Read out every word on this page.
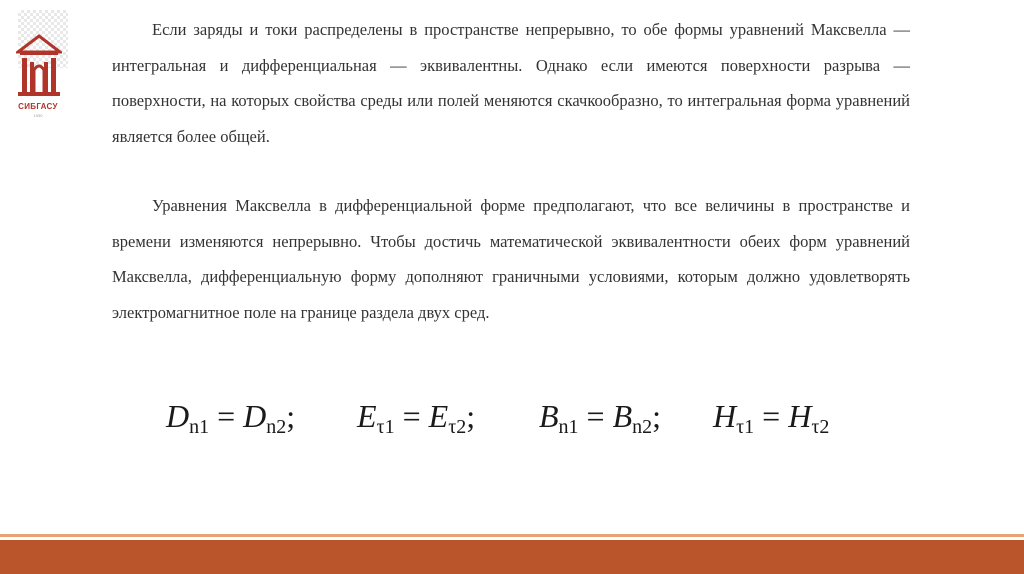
СИБГАСУ
1930

Если заряды и токи распределены в пространстве непрерывно, то обе формы уравнений Максвелла — интегральная и дифференциальная — эквивалентны. Однако если имеются поверхности разрыва — поверхности, на которых свойства среды или полей меняются скачкообразно, то интегральная форма уравнений является более общей.

Уравнения Максвелла в дифференциальной форме предполагают, что все величины в пространстве и времени изменяются непрерывно. Чтобы достичь математической эквивалентности обеих форм уравнений Максвелла, дифференциальную форму дополняют граничными условиями, которым должно удовлетворять электромагнитное поле на границе раздела двух сред.

$D_{n1} = D_{n2}$; $E_{\tau 1} = E_{\tau 2}$; $B_{n1} = B_{n2}$; $H_{\tau 1} = H_{\tau 2}$
